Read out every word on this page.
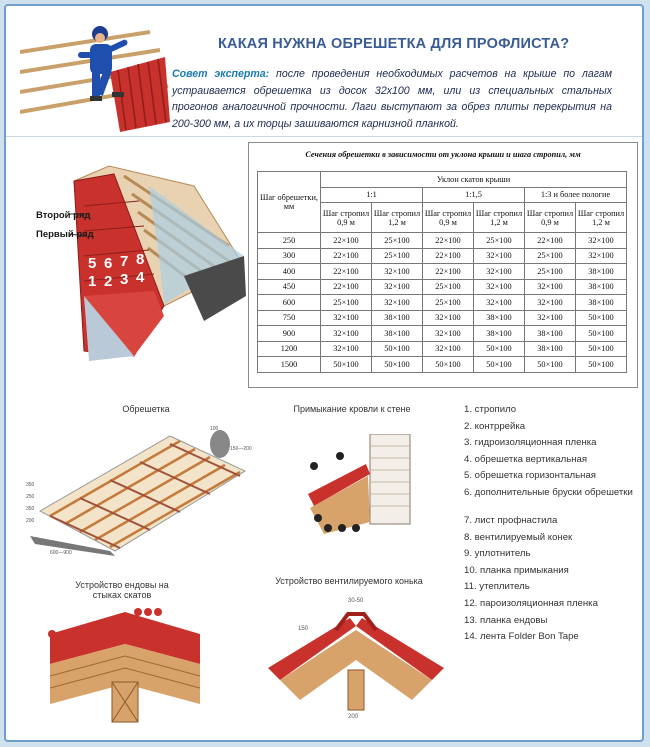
КАКАЯ НУЖНА ОБРЕШЕТКА ДЛЯ ПРОФЛИСТА?
Совет эксперта: после проведения необходимых расчетов на крыше по лагам устраивается обрешетка из досок 32х100 мм, или из специальных стальных прогонов аналогичной прочности. Лаги выступают за обрез плиты перекрытия на 200-300 мм, а их торцы зашиваются карнизной планкой.
5 6 7 8
1 2 3 4
Второй ряд
Первый ряд
Сечения обрешетки в зависимости от уклона крыши и шага стропил, мм
Шаг обрешетки, мм	Уклон скатов крыши					
	1:1		1:1,5		1:3 и более пологие	
	Шаг стропил 0,9 м	Шаг стропил 1,2 м	Шаг стропил 0,9 м	Шаг стропил 1,2 м	Шаг стропил 0,9 м	Шаг стропил 1,2 м
250	22×100	25×100	22×100	25×100	22×100	32×100
300	22×100	25×100	22×100	32×100	25×100	32×100
400	22×100	32×100	22×100	32×100	25×100	38×100
450	22×100	32×100	25×100	32×100	32×100	38×100
600	25×100	32×100	25×100	32×100	32×100	38×100
750	32×100	38×100	32×100	38×100	32×100	50×100
900	32×100	38×100	32×100	38×100	38×100	50×100
1200	32×100	50×100	32×100	50×100	38×100	50×100
1500	50×100	50×100	50×100	50×100	50×100	50×100
Обрешетка
100
150—200
350
250
350
200
600—900
Примыкание кровли к стене
Устройство ендовы на стыках скатов
Устройство вентилируемого конька
30-50
150
200
1. стропило
2. контррейка
3. гидроизоляционная пленка
4. обрешетка вертикальная
5. обрешетка горизонтальная
6. дополнительные бруски обрешетки
7. лист профнастила
8. вентилируемый конек
9. уплотнитель
10. планка примыкания
11. утеплитель
12. пароизоляционная пленка
13. планка ендовы
14. лента Folder Bon Tape
